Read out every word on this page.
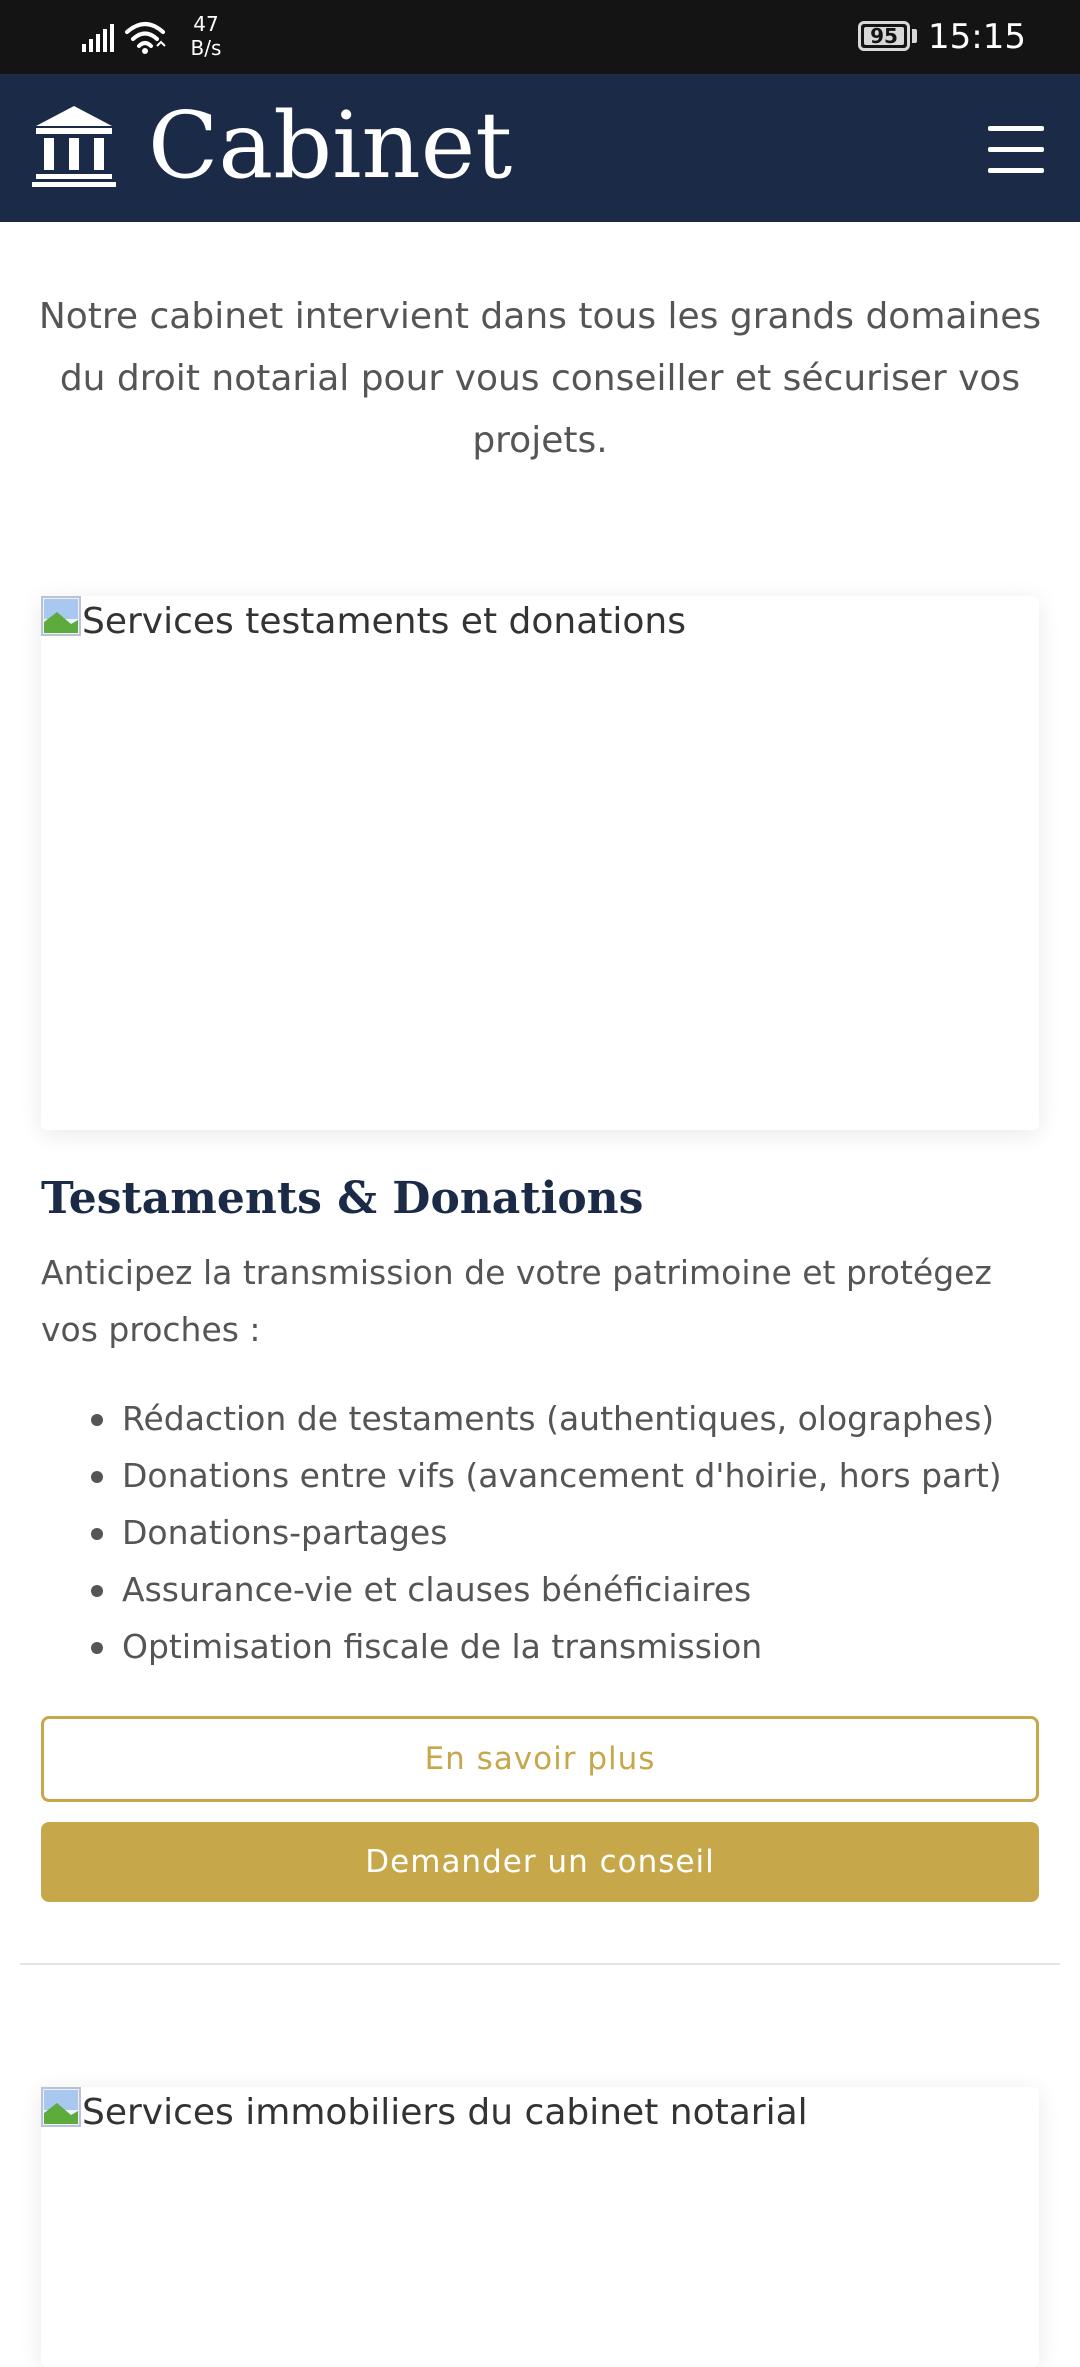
47
B/s	95 15:15
Cabinet

Notre cabinet intervient dans tous les grands domaines du droit notarial pour vous conseiller et sécuriser vos projets.

Services testaments et donations
Testaments & Donations

Anticipez la transmission de votre patrimoine et protégez vos proches :

Rédaction de testaments (authentiques, olographes)
Donations entre vifs (avancement d'hoirie, hors part)
Donations-partages
Assurance-vie et clauses bénéficiaires
Optimisation fiscale de la transmission
En savoir plus
Demander un conseil
Services immobiliers du cabinet notarial
